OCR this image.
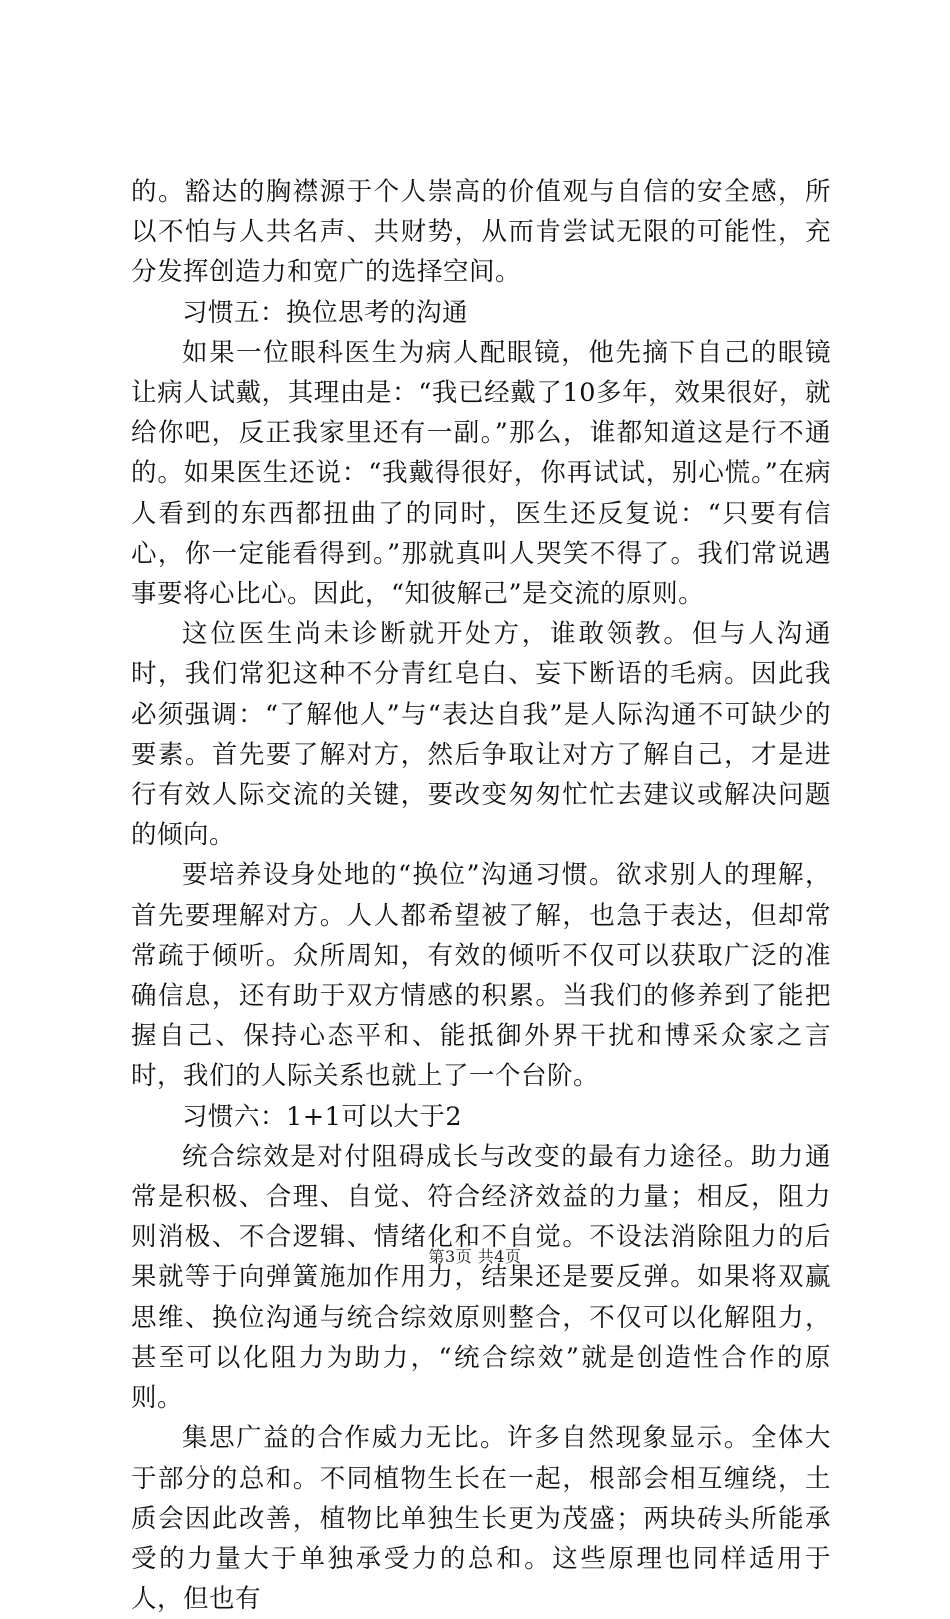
的。豁达的胸襟源于个人崇高的价值观与自信的安全感，所以不怕与人共名声、共财势，从而肯尝试无限的可能性，充分发挥创造力和宽广的选择空间。

习惯五：换位思考的沟通

如果一位眼科医生为病人配眼镜，他先摘下自己的眼镜让病人试戴，其理由是：“我已经戴了10多年，效果很好，就给你吧，反正我家里还有一副。”那么，谁都知道这是行不通的。如果医生还说：“我戴得很好，你再试试，别心慌。”在病人看到的东西都扭曲了的同时，医生还反复说：“只要有信心，你一定能看得到。”那就真叫人哭笑不得了。我们常说遇事要将心比心。因此，“知彼解己”是交流的原则。

这位医生尚未诊断就开处方，谁敢领教。但与人沟通时，我们常犯这种不分青红皂白、妄下断语的毛病。因此我必须强调：“了解他人”与“表达自我”是人际沟通不可缺少的要素。首先要了解对方，然后争取让对方了解自己，才是进行有效人际交流的关键，要改变匆匆忙忙去建议或解决问题的倾向。

要培养设身处地的“换位”沟通习惯。欲求别人的理解，首先要理解对方。人人都希望被了解，也急于表达，但却常常疏于倾听。众所周知，有效的倾听不仅可以获取广泛的准确信息，还有助于双方情感的积累。当我们的修养到了能把握自己、保持心态平和、能抵御外界干扰和博采众家之言时，我们的人际关系也就上了一个台阶。

习惯六：1+1可以大于2

统合综效是对付阻碍成长与改变的最有力途径。助力通常是积极、合理、自觉、符合经济效益的力量；相反，阻力则消极、不合逻辑、情绪化和不自觉。不设法消除阻力的后果就等于向弹簧施加作用力，结果还是要反弹。如果将双赢思维、换位沟通与统合综效原则整合，不仅可以化解阻力，甚至可以化阻力为助力，“统合综效”就是创造性合作的原则。

集思广益的合作威力无比。许多自然现象显示。全体大于部分的总和。不同植物生长在一起，根部会相互缠绕，土质会因此改善，植物比单独生长更为茂盛；两块砖头所能承受的力量大于单独承受力的总和。这些原理也同样适用于人，但也有

第3页 共4页
